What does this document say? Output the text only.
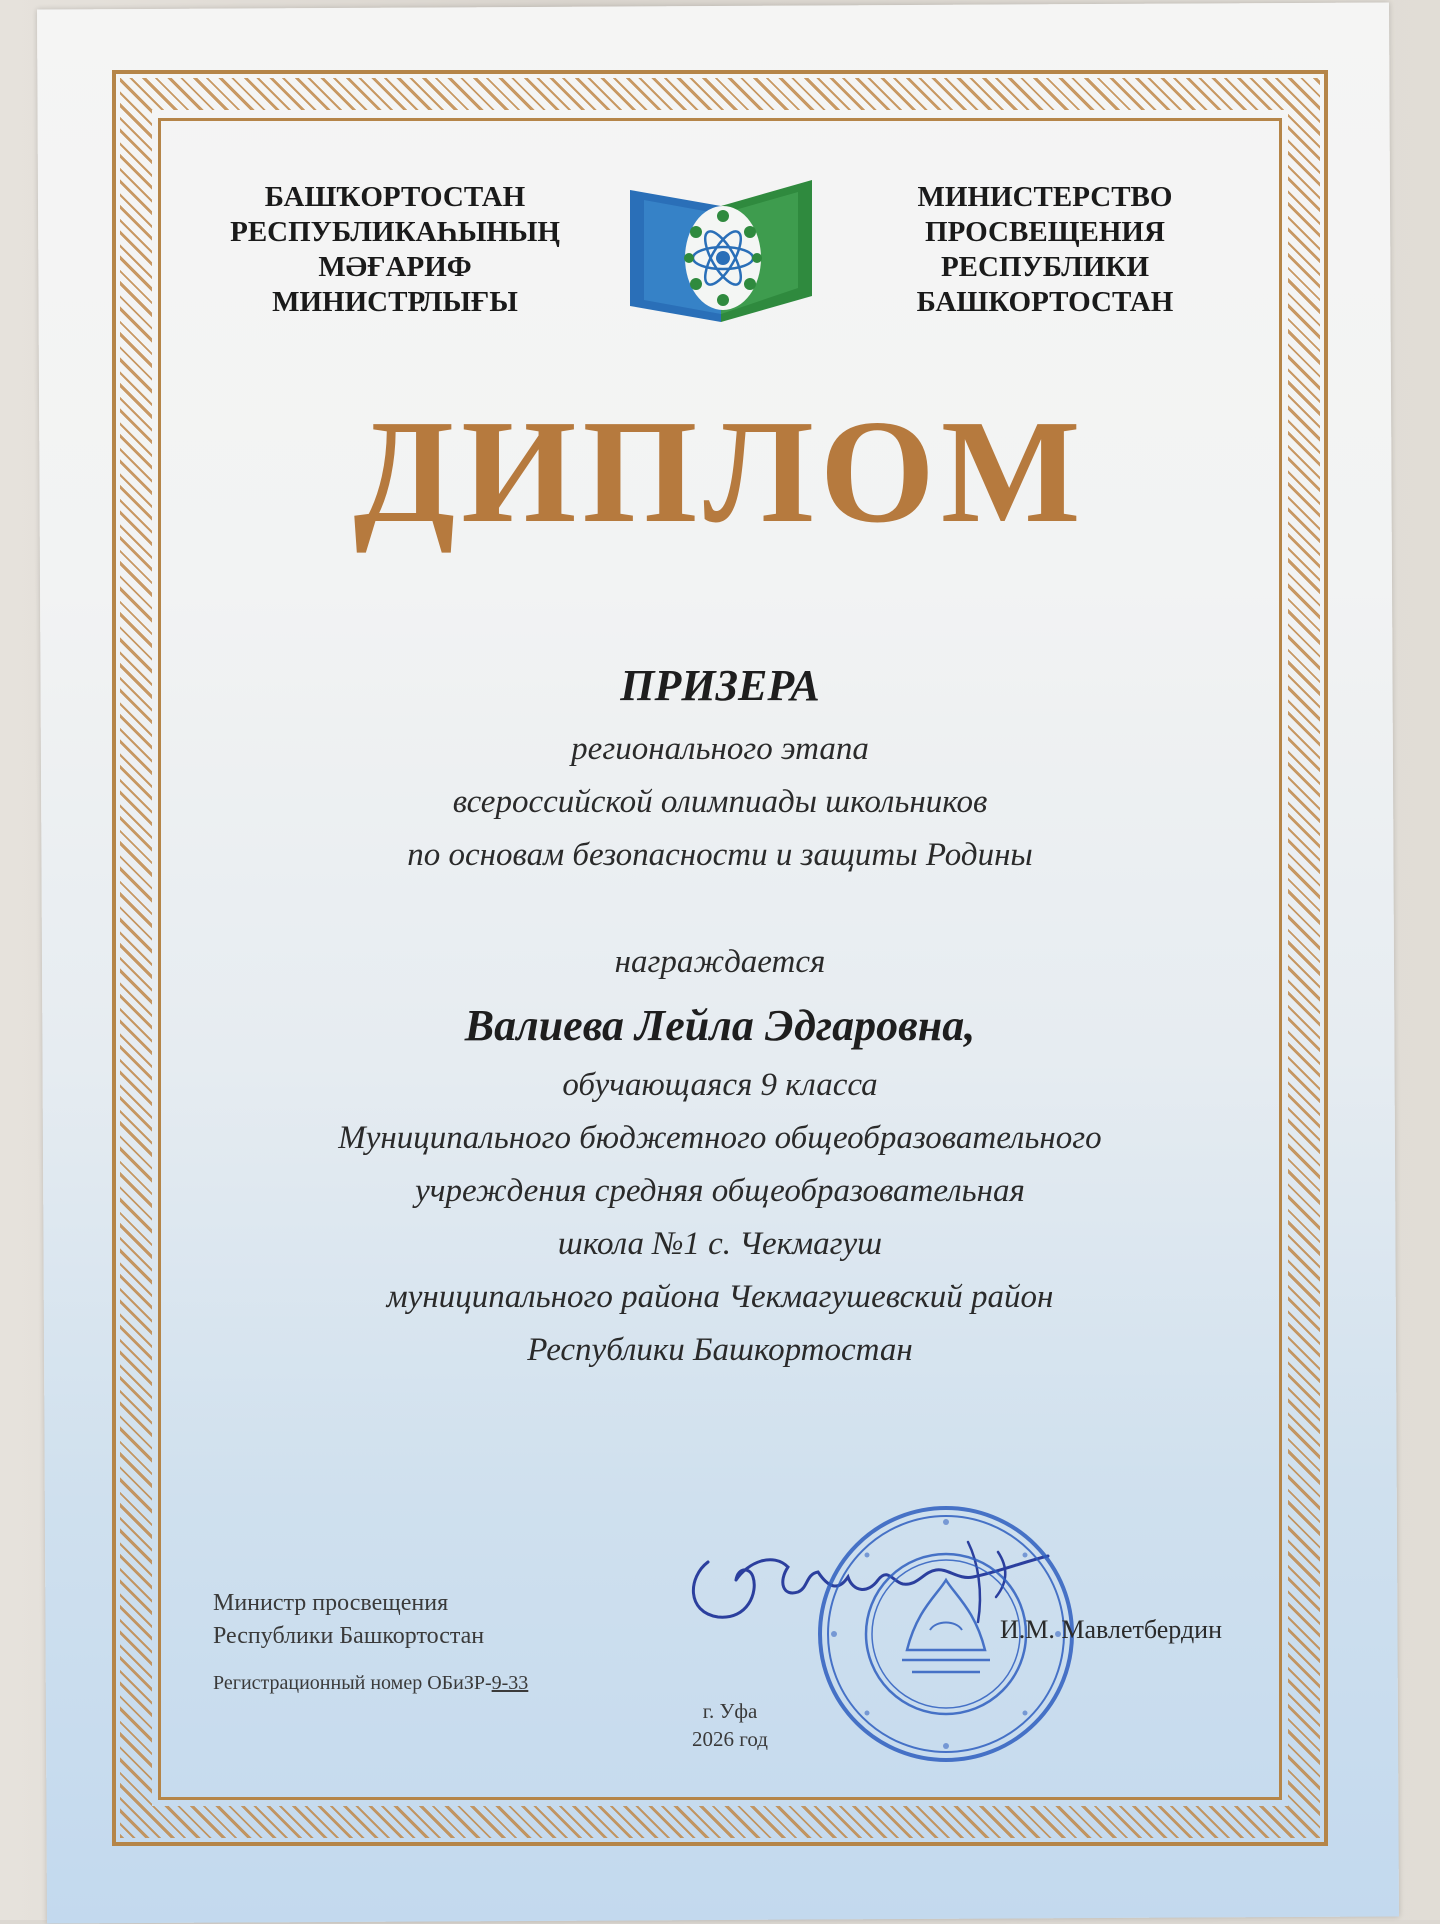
БАШҠОРТОСТАН
РЕСПУБЛИКАҺЫНЫҢ
МӘҒАРИФ
МИНИСТРЛЫҒЫ

МИНИСТЕРСТВО
ПРОСВЕЩЕНИЯ
РЕСПУБЛИКИ
БАШКОРТОСТАН

ДИПЛОМ

ПРИЗЕРА

регионального этапа
всероссийской олимпиады школьников
по основам безопасности и защиты Родины

награждается

Валиева Лейла Эдгаровна,

обучающаяся 9 класса
Муниципального бюджетного общеобразовательного
учреждения средняя общеобразовательная
школа №1 с. Чекмагуш
муниципального района Чекмагушевский район
Республики Башкортостан

Министр просвещения
Республики Башкортостан	И.М. Мавлетбердин
Регистрационный номер ОБиЗР-9-33

г. Уфа
2026 год
